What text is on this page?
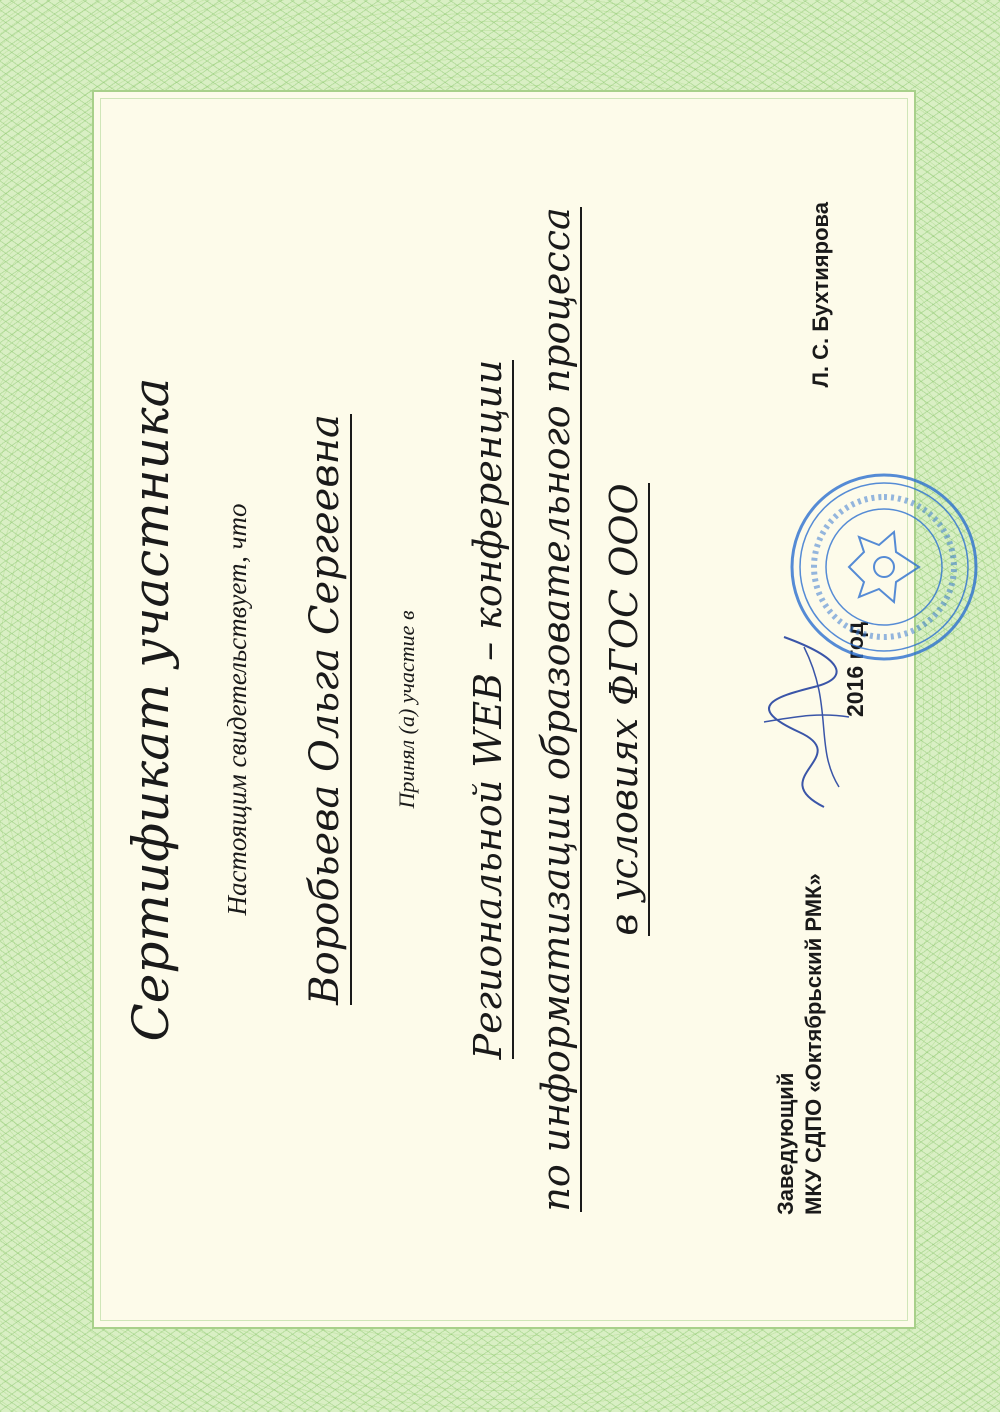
Сертификат участника Настоящим свидетельствует, что Воробьева Ольга Сергеевна Принял (а) участие в Региональной WEB – конференции по информатизации образовательного процесса в условиях ФГОС ООО
Заведующий МКУ СДПО «Октябрьский РМК»
2016 год
Л. С. Бухтиярова
